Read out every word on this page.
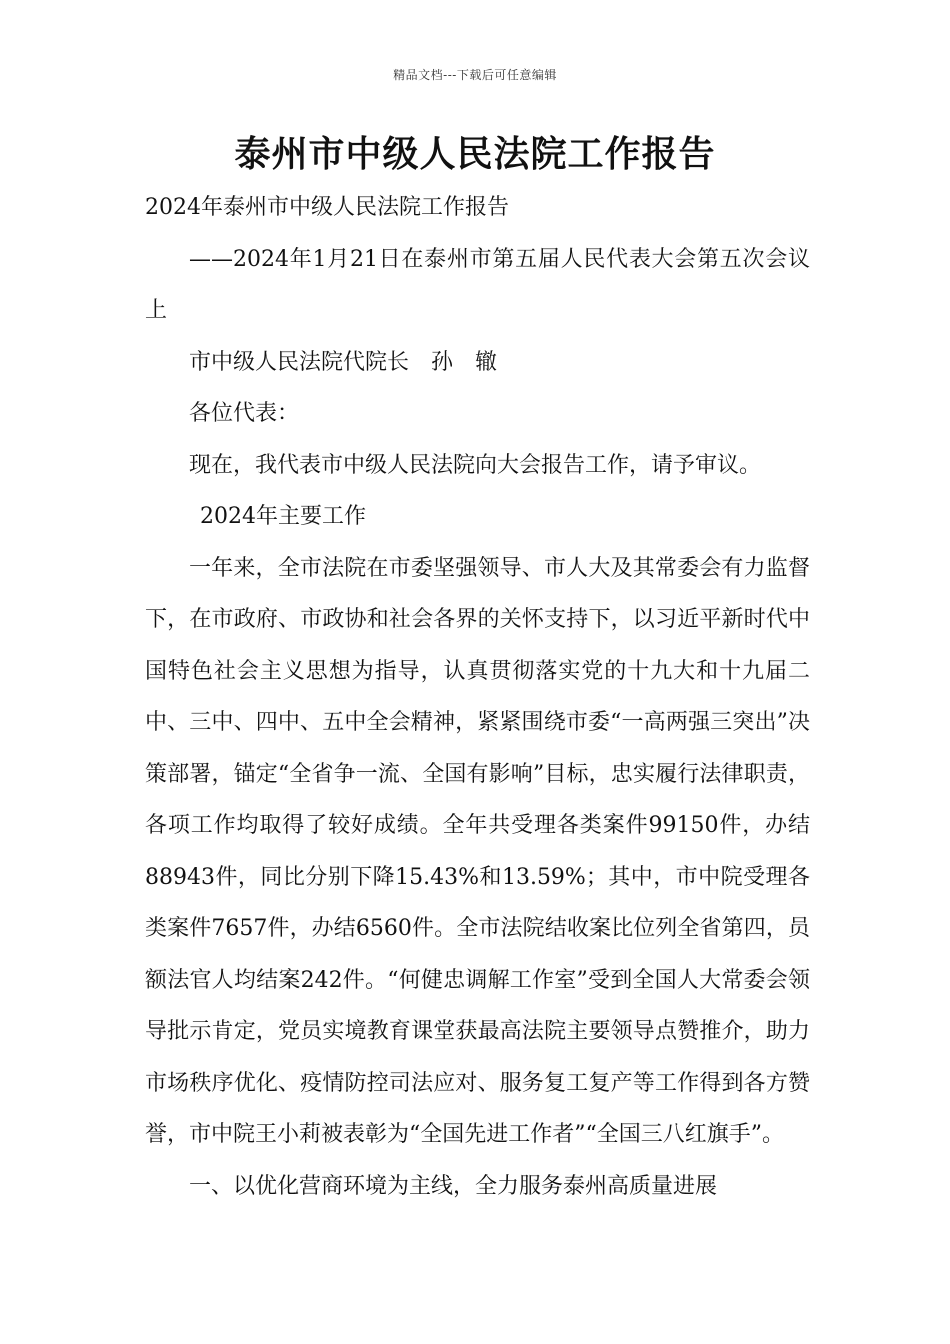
精品文档---下载后可任意编辑
泰州市中级人民法院工作报告

2024年泰州市中级人民法院工作报告

——2024年1月21日在泰州市第五届人民代表大会第五次会议上

市中级人民法院代院长　孙　辙

各位代表：

现在，我代表市中级人民法院向大会报告工作，请予审议。

2024年主要工作

一年来，全市法院在市委坚强领导、市人大及其常委会有力监督下，在市政府、市政协和社会各界的关怀支持下，以习近平新时代中国特色社会主义思想为指导，认真贯彻落实党的十九大和十九届二中、三中、四中、五中全会精神，紧紧围绕市委“一高两强三突出”决策部署，锚定“全省争一流、全国有影响”目标，忠实履行法律职责，各项工作均取得了较好成绩。全年共受理各类案件99150件，办结88943件，同比分别下降15.43%和13.59%；其中，市中院受理各类案件7657件，办结6560件。全市法院结收案比位列全省第四，员额法官人均结案242件。“何健忠调解工作室”受到全国人大常委会领导批示肯定，党员实境教育课堂获最高法院主要领导点赞推介，助力市场秩序优化、疫情防控司法应对、服务复工复产等工作得到各方赞誉，市中院王小莉被表彰为“全国先进工作者”“全国三八红旗手”。

一、以优化营商环境为主线，全力服务泰州高质量进展
